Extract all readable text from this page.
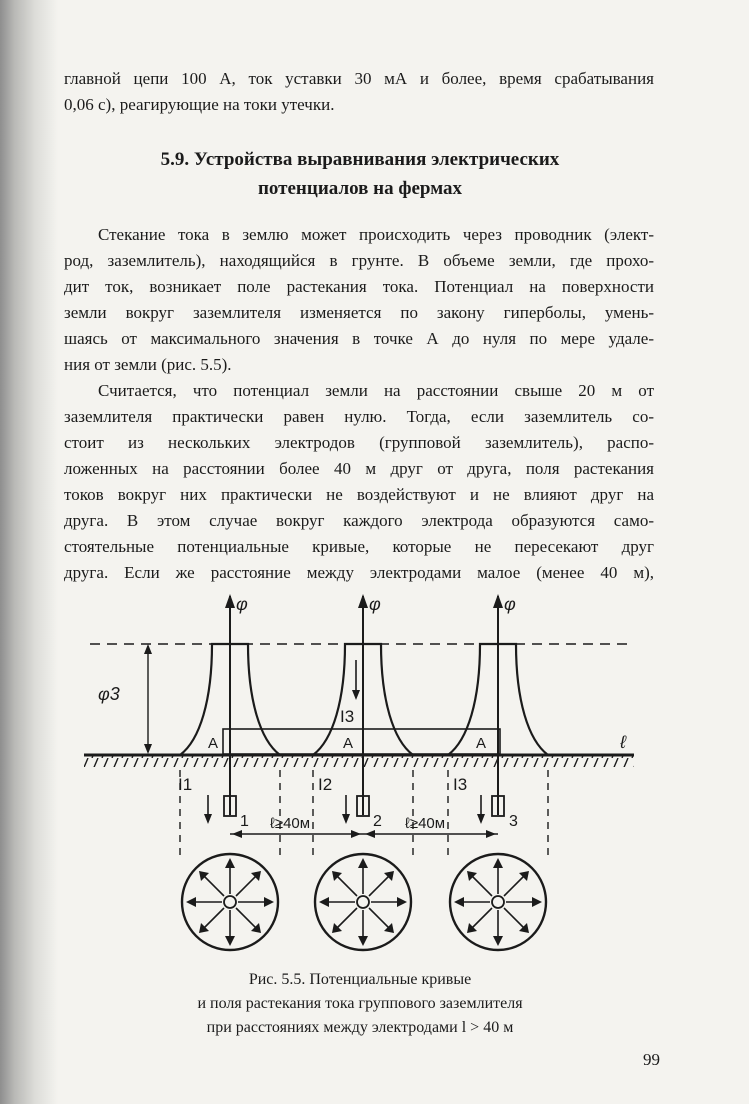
главной цепи 100 А, ток уставки 30 мА и более, время срабатывания
0,06 с), реагирующие на токи утечки.
5.9. Устройства выравнивания электрических
потенциалов на фермах
Стекание тока в землю может происходить через проводник (элект-
род, заземлитель), находящийся в грунте. В объеме земли, где прохо-
дит ток, возникает поле растекания тока. Потенциал на поверхности
земли вокруг заземлителя изменяется по закону гиперболы, умень-
шаясь от максимального значения в точке А до нуля по мере удале-
ния от земли (рис. 5.5).
Считается, что потенциал земли на расстоянии свыше 20 м от
заземлителя практически равен нулю. Тогда, если заземлитель со-
стоит из нескольких электродов (групповой заземлитель), распо-
ложенных на расстоянии более 40 м друг от друга, поля растекания
токов вокруг них практически не воздействуют и не влияют друг на
друга. В этом случае вокруг каждого электрода образуются само-
стоятельные потенциальные кривые, которые не пересекают друг
друга. Если же расстояние между электродами малое (менее 40 м),
φ3
ℓ
φ
A
I1
1
φ
I3
A
I2
2
φ
A
I3
3
ℓ≥40м	ℓ≥40м
Рис. 5.5. Потенциальные кривые
и поля растекания тока группового заземлителя
при расстояниях между электродами l > 40 м
99
